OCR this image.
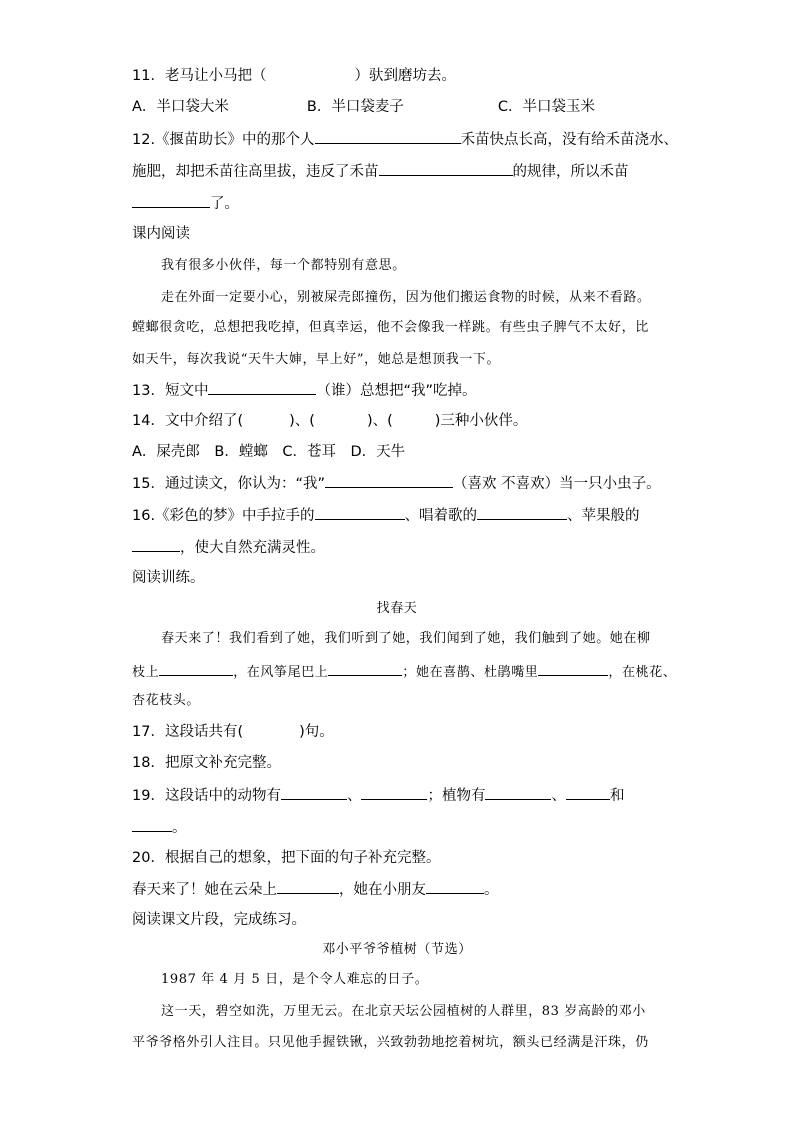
11．老马让小马把（	）驮到磨坊去。
A．半口袋大米	B．半口袋麦子	C．半口袋玉米
12.《揠苗助长》中的那个人	禾苗快点长高，没有给禾苗浇水、
施肥，却把禾苗往高里拔，违反了禾苗	的规律，所以禾苗
了。
课内阅读
我有很多小伙伴，每一个都特别有意思。
走在外面一定要小心，别被屎壳郎撞伤，因为他们搬运食物的时候，从来不看路。
螳螂很贪吃，总想把我吃掉，但真幸运，他不会像我一样跳。有些虫子脾气不太好，比
如天牛，每次我说“天牛大婶，早上好”，她总是想顶我一下。
13．短文中	（谁）总想把“我”吃掉。
14．文中介绍了(	)、(	)、(	)三种小伙伴。
A．屎壳郎　B．螳螂　C．苍耳　D．天牛
15．通过读文，你认为：“我”	（喜欢 不喜欢）当一只小虫子。
16.《彩色的梦》中手拉手的	、唱着歌的	、苹果般的
，使大自然充满灵性。
阅读训练。
找春天
春天来了！我们看到了她，我们听到了她，我们闻到了她，我们触到了她。她在柳
枝上	，在风筝尾巴上	；她在喜鹊、杜鹃嘴里	，在桃花、
杏花枝头。
17．这段话共有(	)句。
18．把原文补充完整。
19．这段话中的动物有	、	；植物有	、	和
。
20．根据自己的想象，把下面的句子补充完整。
春天来了！她在云朵上	，她在小朋友	。
阅读课文片段，完成练习。
邓小平爷爷植树（节选）
1987 年 4 月 5 日，是个令人难忘的日子。
这一天，碧空如洗，万里无云。在北京天坛公园植树的人群里，83 岁高龄的邓小
平爷爷格外引人注目。只见他手握铁锹，兴致勃勃地挖着树坑，额头已经满是汗珠，仍
